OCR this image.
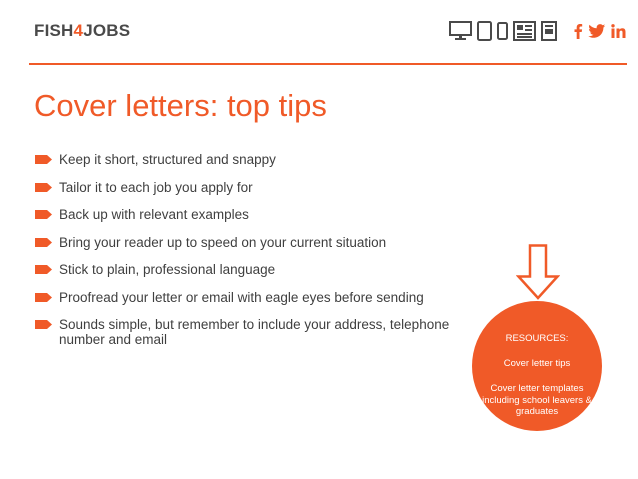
FISH4JOBS
Cover letters: top tips
Keep it short, structured and snappy
Tailor it to each job you apply for
Back up with relevant examples
Bring your reader up to speed on your current situation
Stick to plain, professional language
Proofread your letter or email with eagle eyes before sending
Sounds simple, but remember to include your address, telephone number and email	RESOURCES:
Cover letter tips
Cover letter templates including school leavers & graduates
